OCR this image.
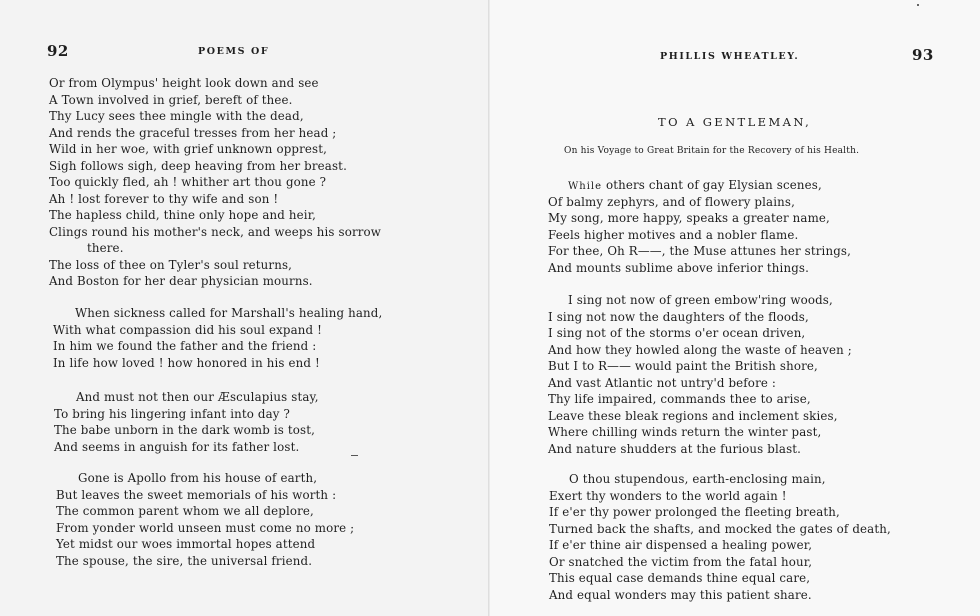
92	POEMS OF
Or from Olympus' height look down and see
A Town involved in grief, bereft of thee.
Thy Lucy sees thee mingle with the dead,
And rends the graceful tresses from her head ;
Wild in her woe, with grief unknown opprest,
Sigh follows sigh, deep heaving from her breast.
Too quickly fled, ah ! whither art thou gone ?
Ah ! lost forever to thy wife and son !
The hapless child, thine only hope and heir,
Clings round his mother's neck, and weeps his sorrow
there.
The loss of thee on Tyler's soul returns,
And Boston for her dear physician mourns.
When sickness called for Marshall's healing hand,
With what compassion did his soul expand !
In him we found the father and the friend :
In life how loved ! how honored in his end !
And must not then our Æsculapius stay,
To bring his lingering infant into day ?
The babe unborn in the dark womb is tost,
And seems in anguish for its father lost.
Gone is Apollo from his house of earth,
But leaves the sweet memorials of his worth :
The common parent whom we all deplore,
From yonder world unseen must come no more ;
Yet midst our woes immortal hopes attend
The spouse, the sire, the universal friend.
PHILLIS WHEATLEY.	93
TO A GENTLEMAN,
On his Voyage to Great Britain for the Recovery of his Health.
While others chant of gay Elysian scenes,
Of balmy zephyrs, and of flowery plains,
My song, more happy, speaks a greater name,
Feels higher motives and a nobler flame.
For thee, Oh R——, the Muse attunes her strings,
And mounts sublime above inferior things.
I sing not now of green embow'ring woods,
I sing not now the daughters of the floods,
I sing not of the storms o'er ocean driven,
And how they howled along the waste of heaven ;
But I to R—— would paint the British shore,
And vast Atlantic not untry'd before :
Thy life impaired, commands thee to arise,
Leave these bleak regions and inclement skies,
Where chilling winds return the winter past,
And nature shudders at the furious blast.
O thou stupendous, earth-enclosing main,
Exert thy wonders to the world again !
If e'er thy power prolonged the fleeting breath,
Turned back the shafts, and mocked the gates of death,
If e'er thine air dispensed a healing power,
Or snatched the victim from the fatal hour,
This equal case demands thine equal care,
And equal wonders may this patient share.
